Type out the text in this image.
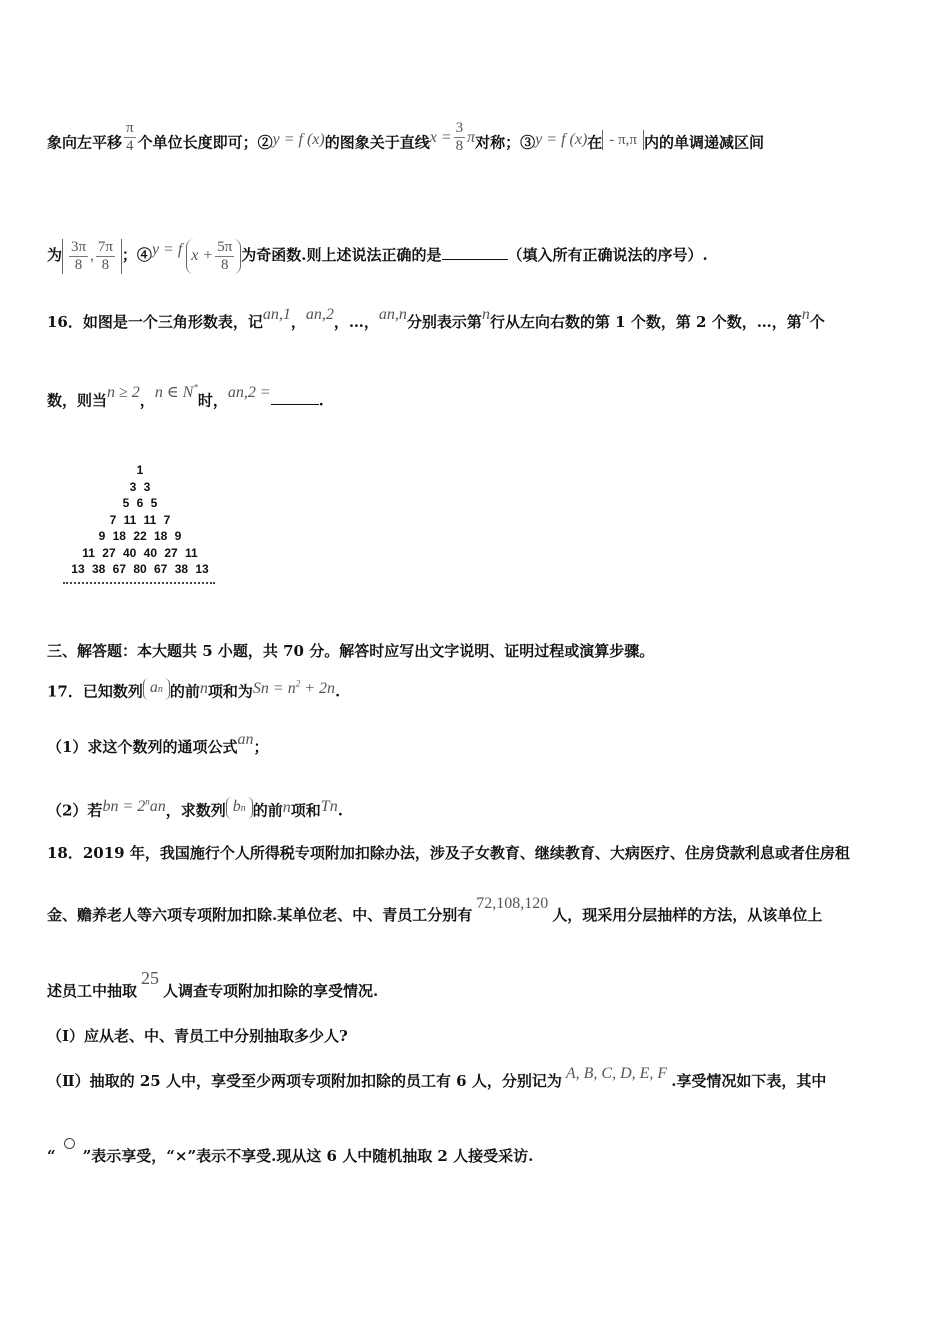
象向左平移 $\frac{\pi}{4}$ 个单位长度即可；②y = f (x)的图象关于直线$x = \frac{3}{8}$ π对称；③y = f (x)在 - π,π 内的单调递减区间
为 $\frac{3\pi}{8}$ , $\frac{7\pi}{8}$ ；④y = f $x + \frac{5\pi}{8}$ 为奇函数.则上述说法正确的是	（填入所有正确说法的序号）.
16．如图是一个三角形数表，记an,1，an,2，…，an,n分别表示第n行从左向右数的第 1 个数，第 2 个数，…，第n个
数，则当n ≥ 2，n ∈ N*时，an,2 =	.
1
3 3
5 6 5
7 11 11 7
9 18 22 18 9
11 27 40 40 27 11
13 38 67 80 67 38 13
三、解答题：本大题共 5 小题，共 70 分。解答时应写出文字说明、证明过程或演算步骤。
17．已知数列 an 的前n项和为$Sn = n^2 + 2n$.
（1）求这个数列的通项公式an；
（2）若bn = $2^nan$，求数列 bn 的前n项和Tn.
18．2019 年，我国施行个人所得税专项附加扣除办法，涉及子女教育、继续教育、大病医疗、住房贷款利息或者住房租
金、赡养老人等六项专项附加扣除.某单位老、中、青员工分别有72,108,120人，现采用分层抽样的方法，从该单位上
述员工中抽取25人调查专项附加扣除的享受情况.
（Ⅰ）应从老、中、青员工中分别抽取多少人?
（Ⅱ）抽取的 25 人中，享受至少两项专项附加扣除的员工有 6 人，分别记为 A, B, C, D, E, F .享受情况如下表，其中
“ ”表示享受，“×”表示不享受.现从这 6 人中随机抽取 2 人接受采访.
